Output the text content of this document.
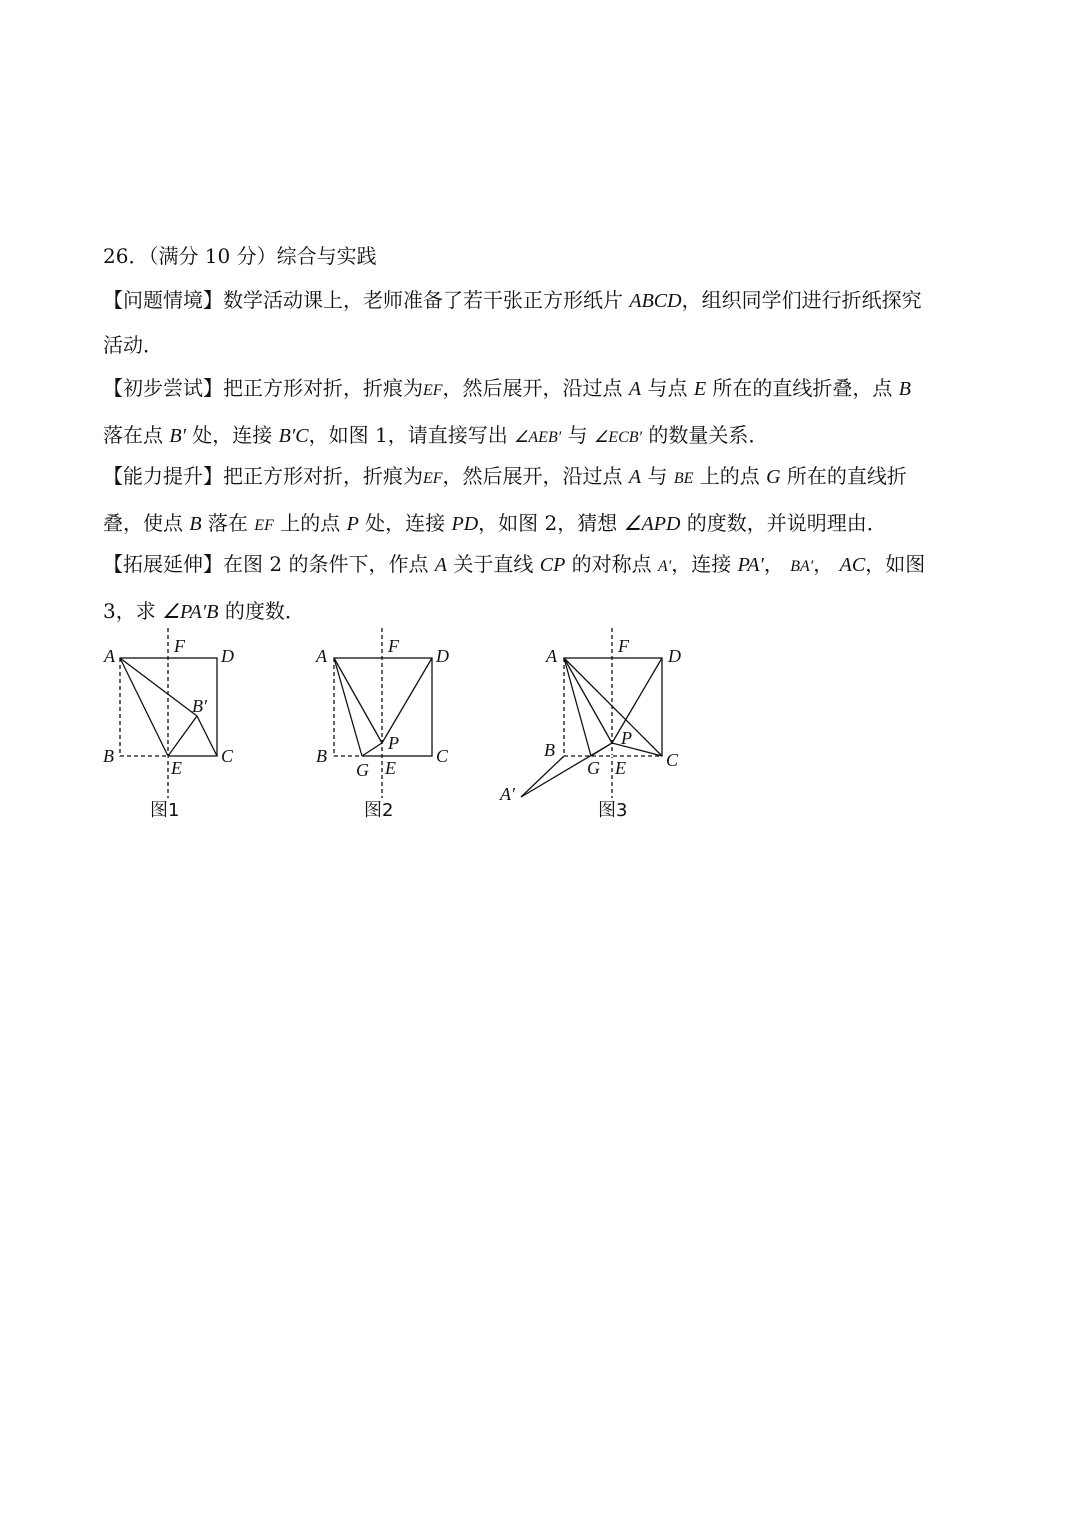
26．（满分 10 分）综合与实践
【问题情境】数学活动课上，老师准备了若干张正方形纸片 ABCD，组织同学们进行折纸探究
活动．
【初步尝试】把正方形对折，折痕为EF，然后展开，沿过点 A 与点 E 所在的直线折叠，点 B
落在点 B′ 处，连接 B′C，如图 1，请直接写出 ∠AEB′ 与 ∠ECB′ 的数量关系．
【能力提升】把正方形对折，折痕为EF，然后展开，沿过点 A 与 BE 上的点 G 所在的直线折
叠，使点 B 落在 EF 上的点 P 处，连接 PD，如图 2，猜想 ∠APD 的度数，并说明理由．
【拓展延伸】在图 2 的条件下，作点 A 关于直线 CP 的对称点 A′，连接 PA′， BA′， AC，如图
3，求 ∠PA′B 的度数．
A	F D
B′
B
E
C
图1
A	F D
P
B
G E
C
图2
A	F D
P
B
G E C
A′
图3
